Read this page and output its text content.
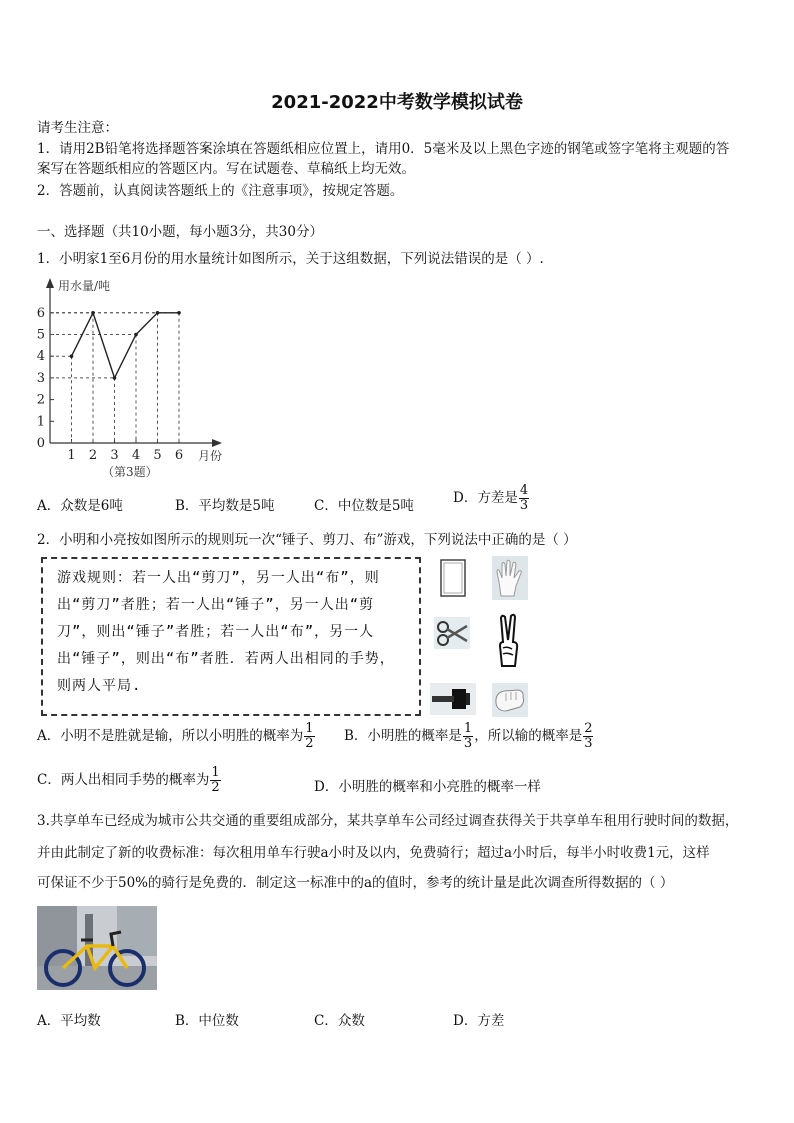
2021-2022中考数学模拟试卷
请考生注意：
1．请用2B铅笔将选择题答案涂填在答题纸相应位置上，请用0．5毫米及以上黑色字迹的钢笔或签字笔将主观题的答
案写在答题纸相应的答题区内。写在试题卷、草稿纸上均无效。
2．答题前，认真阅读答题纸上的《注意事项》，按规定答题。
一、选择题（共10小题，每小题3分，共30分）
1．小明家1至6月份的用水量统计如图所示，关于这组数据，下列说法错误的是（ ）.
0
1
2
3
4
5
6
1 2 3 4 5 6
用水量/吨
月份
（第3题）
A．众数是6吨	B．平均数是5吨	C．中位数是5吨	D．方差是 $\frac{4}{3}$
2．小明和小亮按如图所示的规则玩一次“锤子、剪刀、布”游戏，下列说法中正确的是（ ）
游戏规则：若一人出“剪刀”，另一人出“布”，则出“剪刀”者胜；若一人出“锤子”，另一人出“剪刀”，则出“锤子”者胜；若一人出“布”，另一人出“锤子”，则出“布”者胜．若两人出相同的手势，则两人平局.
A．小明不是胜就是输，所以小明胜的概率为 $\frac{1}{2}$ B．小明胜的概率是 $\frac{1}{3}$ ，所以输的概率是 $\frac{2}{3}$
C．两人出相同手势的概率为 $\frac{1}{2}$	D．小明胜的概率和小亮胜的概率一样
3.共享单车已经成为城市公共交通的重要组成部分，某共享单车公司经过调查获得关于共享单车租用行驶时间的数据，
并由此制定了新的收费标准：每次租用单车行驶a小时及以内，免费骑行；超过a小时后，每半小时收费1元，这样
可保证不少于50%的骑行是免费的．制定这一标准中的a的值时，参考的统计量是此次调查所得数据的（ ）
A．平均数	B．中位数	C．众数	D．方差
